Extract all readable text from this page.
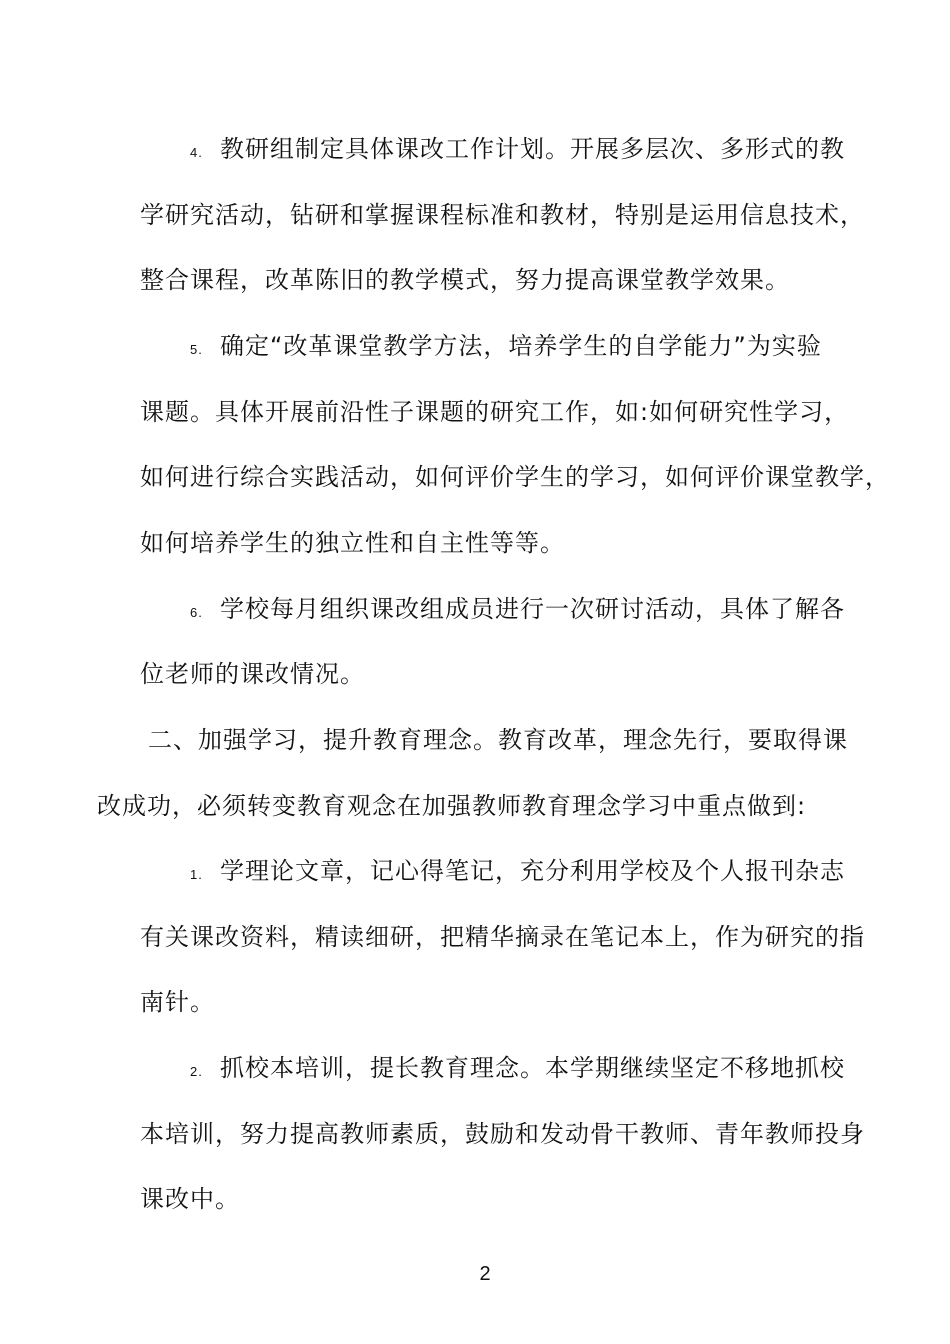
4. 教研组制定具体课改工作计划。开展多层次、多形式的教
学研究活动，钻研和掌握课程标准和教材，特别是运用信息技术，
整合课程，改革陈旧的教学模式，努力提高课堂教学效果。
5. 确定“改革课堂教学方法，培养学生的自学能力”为实验
课题。具体开展前沿性子课题的研究工作，如:如何研究性学习，
如何进行综合实践活动，如何评价学生的学习，如何评价课堂教学，
如何培养学生的独立性和自主性等等。
6. 学校每月组织课改组成员进行一次研讨活动，具体了解各
位老师的课改情况。
二、加强学习，提升教育理念。教育改革，理念先行，要取得课
改成功，必须转变教育观念在加强教师教育理念学习中重点做到:
1. 学理论文章，记心得笔记，充分利用学校及个人报刊杂志
有关课改资料，精读细研，把精华摘录在笔记本上，作为研究的指
南针。
2. 抓校本培训，提长教育理念。本学期继续坚定不移地抓校
本培训，努力提高教师素质，鼓励和发动骨干教师、青年教师投身
课改中。
2
